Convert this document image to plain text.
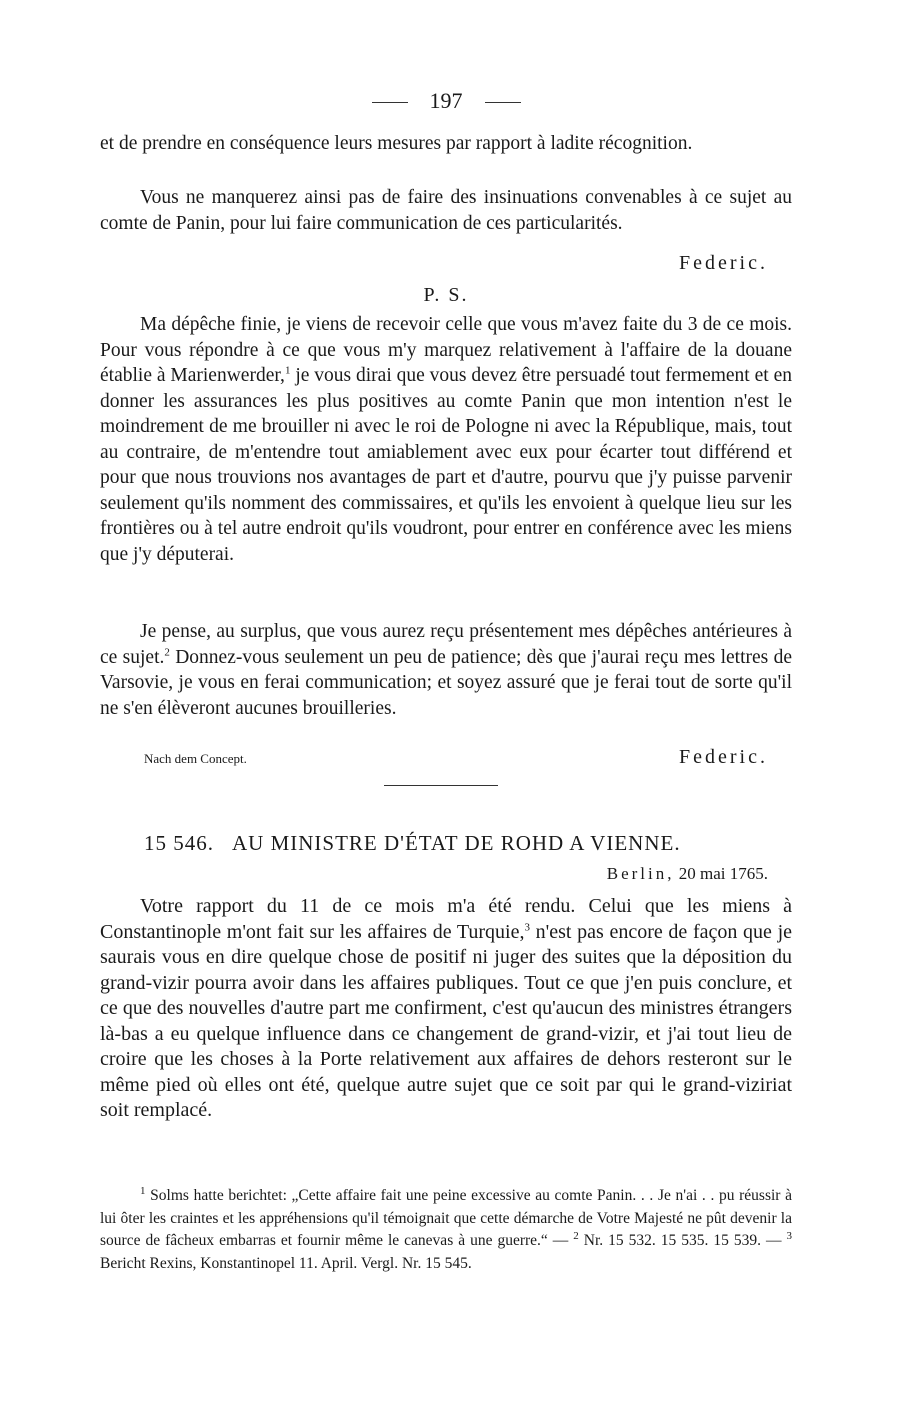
197
et de prendre en conséquence leurs mesures par rapport à ladite récognition.
Vous ne manquerez ainsi pas de faire des insinuations convenables à ce sujet au comte de Panin, pour lui faire communication de ces particularités.
Federic.
P. S.
Ma dépêche finie, je viens de recevoir celle que vous m'avez faite du 3 de ce mois. Pour vous répondre à ce que vous m'y marquez relativement à l'affaire de la douane établie à Marienwerder,$^1$ je vous dirai que vous devez être persuadé tout fermement et en donner les assurances les plus positives au comte Panin que mon intention n'est le moindrement de me brouiller ni avec le roi de Pologne ni avec la République, mais, tout au contraire, de m'entendre tout amiablement avec eux pour écarter tout différend et pour que nous trouvions nos avantages de part et d'autre, pourvu que j'y puisse parvenir seulement qu'ils nomment des commissaires, et qu'ils les envoient à quelque lieu sur les frontières ou à tel autre endroit qu'ils voudront, pour entrer en conférence avec les miens que j'y députerai.
Je pense, au surplus, que vous aurez reçu présentement mes dépêches antérieures à ce sujet.$^2$ Donnez-vous seulement un peu de patience; dès que j'aurai reçu mes lettres de Varsovie, je vous en ferai communication; et soyez assuré que je ferai tout de sorte qu'il ne s'en élèveront aucunes brouilleries.
Nach dem Concept.	Federic.
15 546. AU MINISTRE D'ÉTAT DE ROHD A VIENNE.
Berlin, 20 mai 1765.
Votre rapport du 11 de ce mois m'a été rendu. Celui que les miens à Constantinople m'ont fait sur les affaires de Turquie,$^3$ n'est pas encore de façon que je saurais vous en dire quelque chose de positif ni juger des suites que la déposition du grand-vizir pourra avoir dans les affaires publiques. Tout ce que j'en puis conclure, et ce que des nouvelles d'autre part me confirment, c'est qu'aucun des ministres étrangers là-bas a eu quelque influence dans ce changement de grand-vizir, et j'ai tout lieu de croire que les choses à la Porte relativement aux affaires de dehors resteront sur le même pied où elles ont été, quelque autre sujet que ce soit par qui le grand-viziriat soit remplacé.
$^1$ Solms hatte berichtet: „Cette affaire fait une peine excessive au comte Panin. . . Je n'ai . . pu réussir à lui ôter les craintes et les appréhensions qu'il témoignait que cette démarche de Votre Majesté ne pût devenir la source de fâcheux embarras et fournir même le canevas à une guerre.“ — $^2$ Nr. 15 532. 15 535. 15 539. — $^3$ Bericht Rexins, Konstantinopel 11. April. Vergl. Nr. 15 545.
